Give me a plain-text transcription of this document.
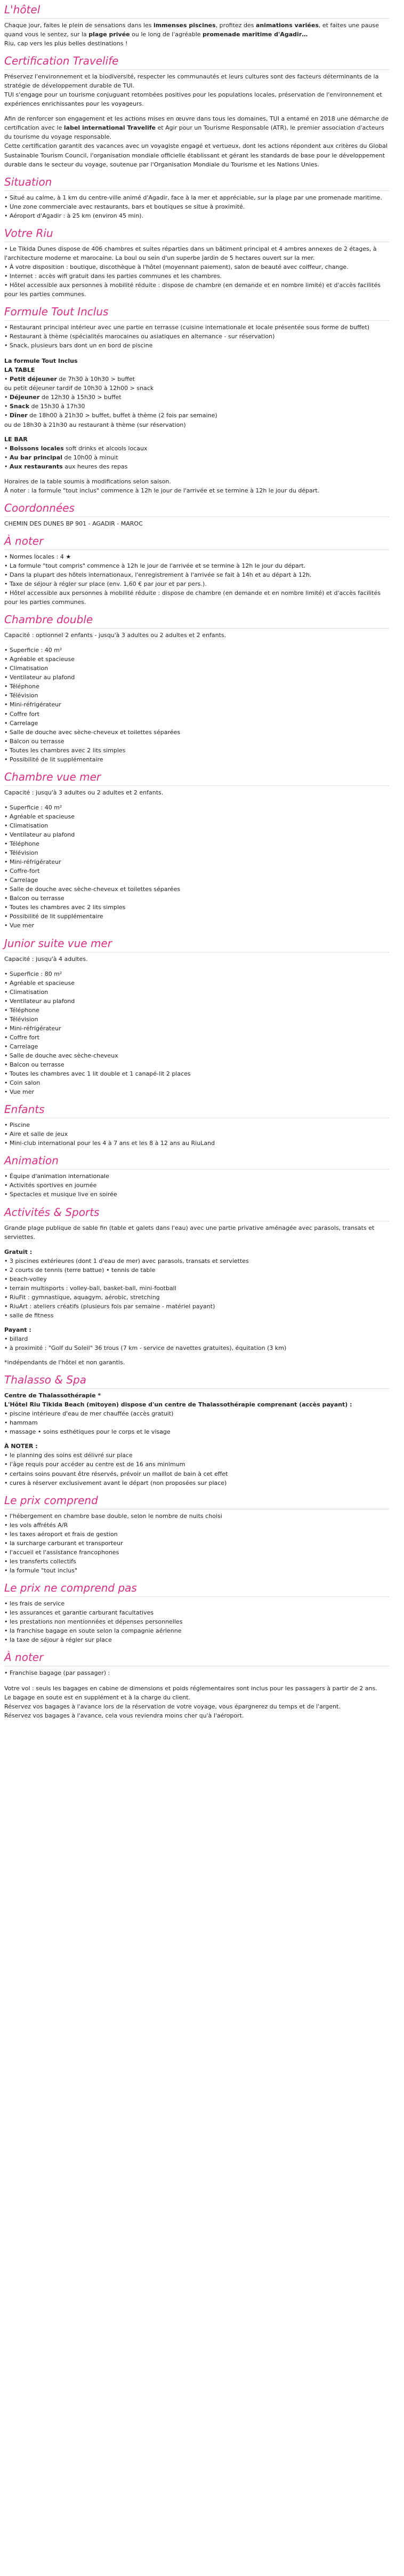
L'hôtel

Chaque jour, faites le plein de sensations dans les immenses piscines, profitez des animations variées, et faites une pause quand vous le sentez, sur la plage privée ou le long de l'agréable promenade maritime d'Agadir…
Riu, cap vers les plus belles destinations !

Certification Travelife

Préservez l'environnement et la biodiversité, respecter les communautés et leurs cultures sont des facteurs déterminants de la stratégie de développement durable de TUI.
TUI s'engage pour un tourisme conjuguant retombées positives pour les populations locales, préservation de l'environnement et expériences enrichissantes pour les voyageurs.

Afin de renforcer son engagement et les actions mises en œuvre dans tous les domaines, TUI a entamé en 2018 une démarche de certification avec le label international Travelife et Agir pour un Tourisme Responsable (ATR), le premier association d'acteurs du tourisme du voyage responsable.
Cette certification garantit des vacances avec un voyagiste engagé et vertueux, dont les actions répondent aux critères du Global Sustainable Tourism Council, l'organisation mondiale officielle établissant et gérant les standards de base pour le développement durable dans le secteur du voyage, soutenue par l'Organisation Mondiale du Tourisme et les Nations Unies.

Situation
• Situé au calme, à 1 km du centre-ville animé d'Agadir, face à la mer et appréciable, sur la plage par une promenade maritime.
• Une zone commerciale avec restaurants, bars et boutiques se situe à proximité.
• Aéroport d'Agadir : à 25 km (environ 45 min).
Votre Riu
• Le Tikida Dunes dispose de 406 chambres et suites réparties dans un bâtiment principal et 4 ambres annexes de 2 étages, à l'architecture moderne et marocaine. La boul ou sein d'un superbe jardin de 5 hectares ouvert sur la mer.
• À votre disposition : boutique, discothèque à l'hôtel (moyennant paiement), salon de beauté avec coiffeur, change.
• Internet : accès wifi gratuit dans les parties communes et les chambres.
• Hôtel accessible aux personnes à mobilité réduite : dispose de chambre (en demande et en nombre limité) et d'accès facilités pour les parties communes.
Formule Tout Inclus
• Restaurant principal intérieur avec une partie en terrasse (cuisine internationale et locale présentée sous forme de buffet)
• Restaurant à thème (spécialités marocaines ou asiatiques en alternance - sur réservation)
• Snack, plusieurs bars dont un en bord de piscine

La formule Tout Inclus
LA TABLE
• Petit déjeuner de 7h30 à 10h30 > buffet
ou petit déjeuner tardif de 10h30 à 12h00 > snack
• Déjeuner de 12h30 à 15h30 > buffet
• Snack de 15h30 à 17h30
• Dîner de 18h00 à 21h30 > buffet, buffet à thème (2 fois par semaine)
ou de 18h30 à 21h30 au restaurant à thème (sur réservation)
LE BAR
• Boissons locales soft drinks et alcools locaux
• Au bar principal de 10h00 à minuit
• Aux restaurants aux heures des repas

Horaires de la table soumis à modifications selon saison.
À noter : la formule "tout inclus" commence à 12h le jour de l'arrivée et se termine à 12h le jour du départ.

Coordonnées

CHEMIN DES DUNES BP 901 - AGADIR - MAROC

À noter
• Normes locales : 4 ★
• La formule "tout compris" commence à 12h le jour de l'arrivée et se termine à 12h le jour du départ.
• Dans la plupart des hôtels internationaux, l'enregistrement à l'arrivée se fait à 14h et au départ à 12h.
• Taxe de séjour à régler sur place (env. 1,60 € par jour et par pers.).
• Hôtel accessible aux personnes à mobilité réduite : dispose de chambre (en demande et en nombre limité) et d'accès facilités pour les parties communes.
Chambre double

Capacité : optionnel 2 enfants - jusqu'à 3 adultes ou 2 adultes et 2 enfants.

• Superficie : 40 m²
• Agréable et spacieuse
• Climatisation
• Ventilateur au plafond
• Téléphone
• Télévision
• Mini-réfrigérateur
• Coffre fort
• Carrelage
• Salle de douche avec sèche-cheveux et toilettes séparées
• Balcon ou terrasse
• Toutes les chambres avec 2 lits simples
• Possibilité de lit supplémentaire
Chambre vue mer

Capacité : jusqu'à 3 adultes ou 2 adultes et 2 enfants.

• Superficie : 40 m²
• Agréable et spacieuse
• Climatisation
• Ventilateur au plafond
• Téléphone
• Télévision
• Mini-réfrigérateur
• Coffre-fort
• Carrelage
• Salle de douche avec sèche-cheveux et toilettes séparées
• Balcon ou terrasse
• Toutes les chambres avec 2 lits simples
• Possibilité de lit supplémentaire
• Vue mer
Junior suite vue mer

Capacité : jusqu'à 4 adultes.

• Superficie : 80 m²
• Agréable et spacieuse
• Climatisation
• Ventilateur au plafond
• Téléphone
• Télévision
• Mini-réfrigérateur
• Coffre fort
• Carrelage
• Salle de douche avec sèche-cheveux
• Balcon ou terrasse
• Toutes les chambres avec 1 lit double et 1 canapé-lit 2 places
• Coin salon
• Vue mer
Enfants
• Piscine
• Aire et salle de jeux
• Mini-club international pour les 4 à 7 ans et les 8 à 12 ans au RiuLand
Animation
• Équipe d'animation internationale
• Activités sportives en journée
• Spectacles et musique live en soirée
Activités & Sports

Grande plage publique de sable fin (table et galets dans l'eau) avec une partie privative aménagée avec parasols, transats et serviettes.

Gratuit :
• 3 piscines extérieures (dont 1 d'eau de mer) avec parasols, transats et serviettes
• 2 courts de tennis (terre battue) • tennis de table
• beach-volley
• terrain multisports : volley-ball, basket-ball, mini-football
• RiuFit : gymnastique, aquagym, aérobic, stretching
• RiuArt : ateliers créatifs (plusieurs fois par semaine - matériel payant)
• salle de fitness
Payant :
• billard
• à proximité : "Golf du Soleil" 36 trous (7 km - service de navettes gratuites), équitation (3 km)
*indépendants de l'hôtel et non garantis.

Thalasso & Spa

Centre de Thalassothérapie *
L'Hôtel Riu Tikida Beach (mitoyen) dispose d'un centre de Thalassothérapie comprenant (accès payant) :
• piscine intérieure d'eau de mer chauffée (accès gratuit)
• hammam
• massage • soins esthétiques pour le corps et le visage
À NOTER :
• le planning des soins est délivré sur place
• l'âge requis pour accéder au centre est de 16 ans minimum
• certains soins pouvant être réservés, prévoir un maillot de bain à cet effet
• cures à réserver exclusivement avant le départ (non proposées sur place)

Le prix comprend
• l'hébergement en chambre base double, selon le nombre de nuits choisi
• les vols affrétés A/R
• les taxes aéroport et frais de gestion
• la surcharge carburant et transporteur
• l'accueil et l'assistance francophones
• les transferts collectifs
• la formule "tout inclus"
Le prix ne comprend pas
• les frais de service
• les assurances et garantie carburant facultatives
• les prestations non mentionnées et dépenses personnelles
• la franchise bagage en soute selon la compagnie aérienne
• la taxe de séjour à régler sur place
À noter
• Franchise bagage (par passager) :

Votre vol : seuls les bagages en cabine de dimensions et poids réglementaires sont inclus pour les passagers à partir de 2 ans.
Le bagage en soute est en supplément et à la charge du client.
Réservez vos bagages à l'avance lors de la réservation de votre voyage, vous épargnerez du temps et de l'argent.
Réservez vos bagages à l'avance, cela vous reviendra moins cher qu'à l'aéroport.
